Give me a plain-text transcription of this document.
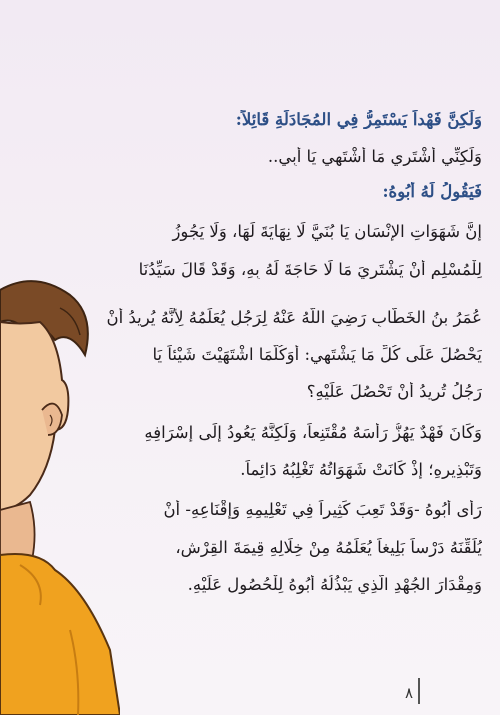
وَلَكِنَّ فَهْداً يَسْتَمِرُّ فِي المُجَادَلَةِ قَائِلاً:
وَلَكِنِّي أَشْتَرِي مَا أَشْتَهِي يَا أَبِي..
فَيَقُولُ لَهُ أَبُوهُ:
إِنَّ شَهَوَاتِ الإِنْسَانِ يَا بُنَيَّ لَا نِهَايَةَ لَهَا، وَلَا يَجُوزُ
لِلْمُسْلِمِ أَنْ يَشْتَرِيَ مَا لَا حَاجَةَ لَهُ بِهِ، وَقَدْ قَالَ سَيِّدُنَا
عُمَرُ بنُ الخَطَّابِ رَضِيَ اللَّهُ عَنْهُ لِرَجُلٍ يُعَلِّمُهُ لِأَنَّهُ يُرِيدُ أَنْ
يَحْصُلَ عَلَى كُلِّ مَا يَشْتَهِي: أَوَكُلَّمَا اشْتَهَيْتَ شَيْئاً يَا
رَجُلُ تُرِيدُ أَنْ تَحْصُلَ عَلَيْهِ؟
وَكَانَ فَهْدٌ يَهُزُّ رَأْسَهُ مُقْتَنِعاً، وَلَكِنَّهُ يَعُودُ إِلَى إِسْرَافِهِ
وَتَبْذِيرِهِ؛ إِذْ كَانَتْ شَهَوَاتُهُ تَغْلِبُهُ دَائِماً.
رَأَى أَبُوهُ -وَقَدْ تَعِبَ كَثِيراً فِي تَعْلِيمِهِ وَإِقْنَاعِهِ- أَنْ
يُلَقِّنَهُ دَرْساً بَلِيغاً يُعَلِّمُهُ مِنْ خِلَالِهِ قِيمَةَ القِرْشِ،
وَمِقْدَارَ الجُهْدِ الَّذِي يَبْذُلُهُ أَبُوهُ لِلْحُصُولِ عَلَيْهِ.
٨
